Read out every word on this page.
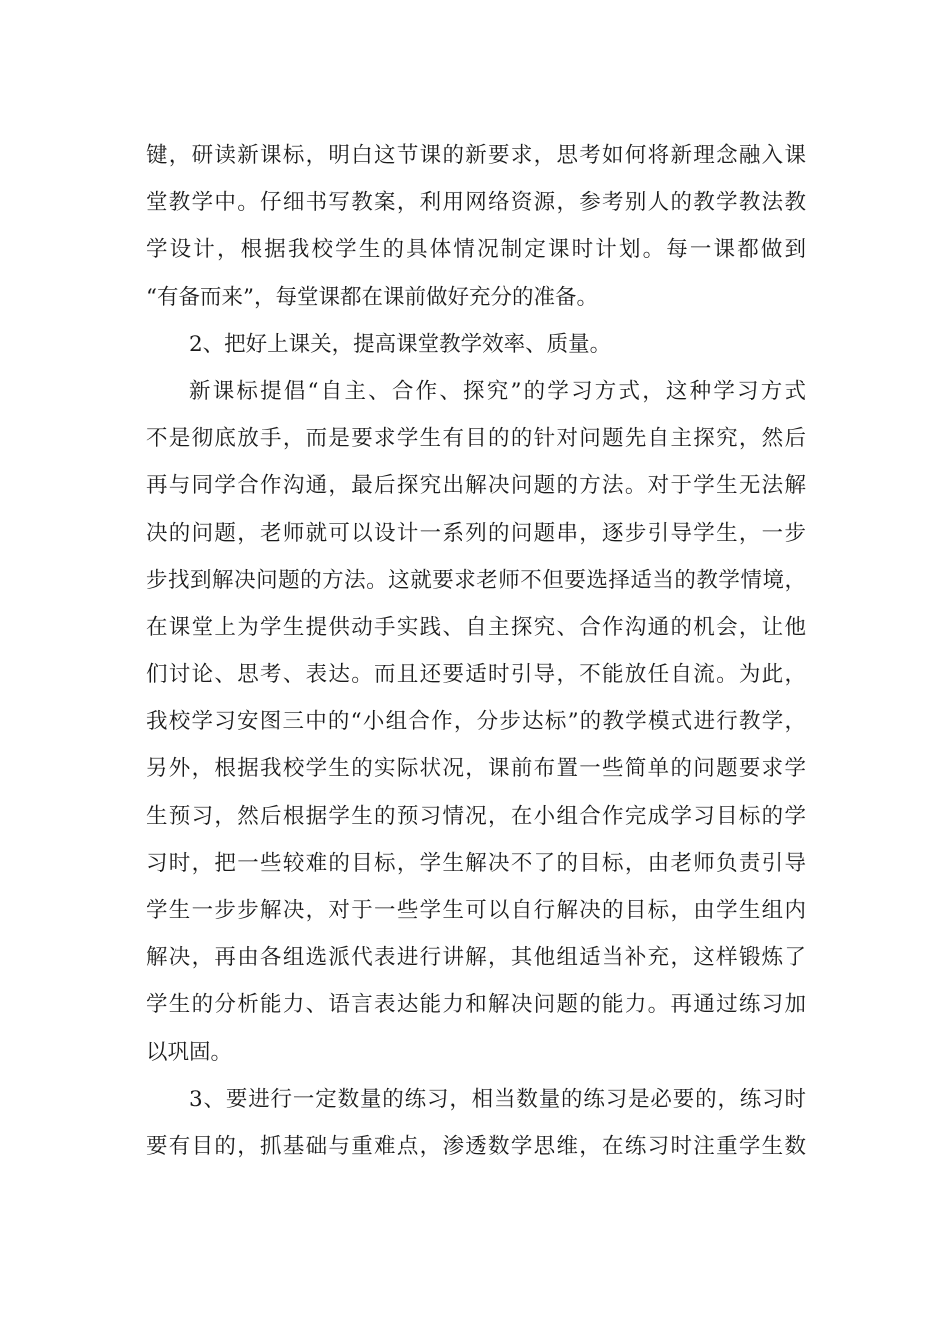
键，研读新课标，明白这节课的新要求，思考如何将新理念融入课
堂教学中。仔细书写教案，利用网络资源，参考别人的教学教法教
学设计，根据我校学生的具体情况制定课时计划。每一课都做到
“有备而来”，每堂课都在课前做好充分的准备。
2、把好上课关，提高课堂教学效率、质量。
新课标提倡“自主、合作、探究”的学习方式，这种学习方式
不是彻底放手，而是要求学生有目的的针对问题先自主探究，然后
再与同学合作沟通，最后探究出解决问题的方法。对于学生无法解
决的问题，老师就可以设计一系列的问题串，逐步引导学生，一步
步找到解决问题的方法。这就要求老师不但要选择适当的教学情境，
在课堂上为学生提供动手实践、自主探究、合作沟通的机会，让他
们讨论、思考、表达。而且还要适时引导，不能放任自流。为此，
我校学习安图三中的“小组合作，分步达标”的教学模式进行教学，
另外，根据我校学生的实际状况，课前布置一些简单的问题要求学
生预习，然后根据学生的预习情况，在小组合作完成学习目标的学
习时，把一些较难的目标，学生解决不了的目标，由老师负责引导
学生一步步解决，对于一些学生可以自行解决的目标，由学生组内
解决，再由各组选派代表进行讲解，其他组适当补充，这样锻炼了
学生的分析能力、语言表达能力和解决问题的能力。再通过练习加
以巩固。
3、要进行一定数量的练习，相当数量的练习是必要的，练习时
要有目的，抓基础与重难点，渗透数学思维，在练习时注重学生数
